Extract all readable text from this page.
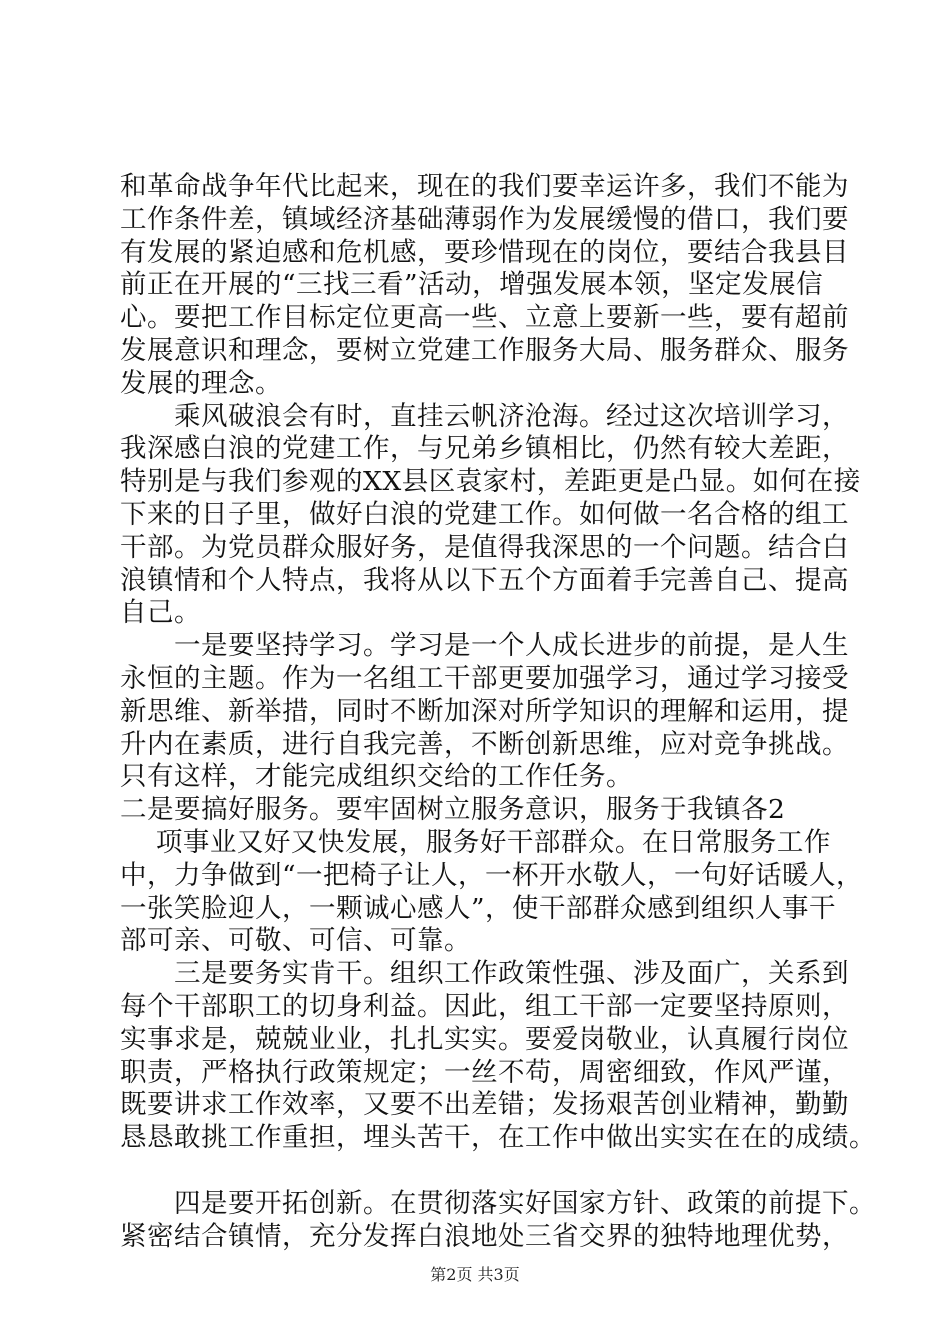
和革命战争年代比起来，现在的我们要幸运许多，我们不能为
工作条件差，镇域经济基础薄弱作为发展缓慢的借口，我们要
有发展的紧迫感和危机感，要珍惜现在的岗位，要结合我县目
前正在开展的“三找三看”活动，增强发展本领，坚定发展信
心。要把工作目标定位更高一些、立意上要新一些，要有超前
发展意识和理念，要树立党建工作服务大局、服务群众、服务
发展的理念。
　　乘风破浪会有时，直挂云帆济沧海。经过这次培训学习，
我深感白浪的党建工作，与兄弟乡镇相比，仍然有较大差距，
特别是与我们参观的XX县区袁家村，差距更是凸显。如何在接
下来的日子里，做好白浪的党建工作。如何做一名合格的组工
干部。为党员群众服好务，是值得我深思的一个问题。结合白
浪镇情和个人特点，我将从以下五个方面着手完善自己、提高
自己。
　　一是要坚持学习。学习是一个人成长进步的前提，是人生
永恒的主题。作为一名组工干部更要加强学习，通过学习接受
新思维、新举措，同时不断加深对所学知识的理解和运用，提
升内在素质，进行自我完善，不断创新思维，应对竞争挑战。
只有这样，才能完成组织交给的工作任务。
二是要搞好服务。要牢固树立服务意识，服务于我镇各2
　 项事业又好又快发展，服务好干部群众。在日常服务工作
中，力争做到“一把椅子让人，一杯开水敬人，一句好话暖人，
一张笑脸迎人，一颗诚心感人”，使干部群众感到组织人事干
部可亲、可敬、可信、可靠。
　　三是要务实肯干。组织工作政策性强、涉及面广，关系到
每个干部职工的切身利益。因此，组工干部一定要坚持原则，
实事求是，兢兢业业，扎扎实实。要爱岗敬业，认真履行岗位
职责，严格执行政策规定；一丝不苟，周密细致，作风严谨，
既要讲求工作效率，又要不出差错；发扬艰苦创业精神，勤勤
恳恳敢挑工作重担，埋头苦干，在工作中做出实实在在的成绩。
　　四是要开拓创新。在贯彻落实好国家方针、政策的前提下。
紧密结合镇情，充分发挥白浪地处三省交界的独特地理优势，
第2页 共3页
